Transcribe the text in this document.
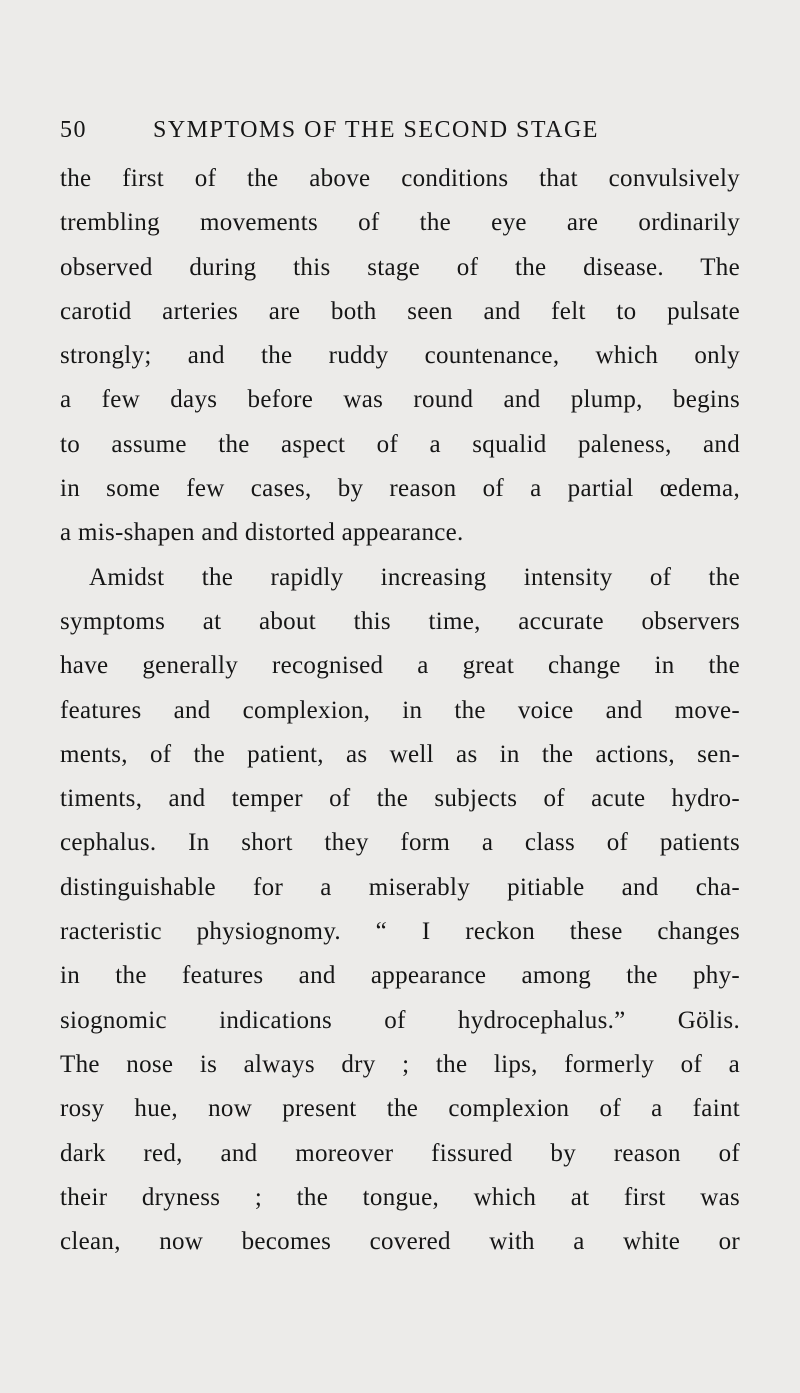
50	SYMPTOMS OF THE SECOND STAGE
the first of the above conditions that convulsively
trembling movements of the eye are ordinarily
observed during this stage of the disease. The
carotid arteries are both seen and felt to pulsate
strongly; and the ruddy countenance, which only
a few days before was round and plump, begins
to assume the aspect of a squalid paleness, and
in some few cases, by reason of a partial œdema,
a mis-shapen and distorted appearance.
Amidst the rapidly increasing intensity of the
symptoms at about this time, accurate observers
have generally recognised a great change in the
features and complexion, in the voice and move-
ments, of the patient, as well as in the actions, sen-
timents, and temper of the subjects of acute hydro-
cephalus. In short they form a class of patients
distinguishable for a miserably pitiable and cha-
racteristic physiognomy. “ I reckon these changes
in the features and appearance among the phy-
siognomic indications of hydrocephalus.” Gölis.
The nose is always dry ; the lips, formerly of a
rosy hue, now present the complexion of a faint
dark red, and moreover fissured by reason of
their dryness ; the tongue, which at first was
clean, now becomes covered with a white or
